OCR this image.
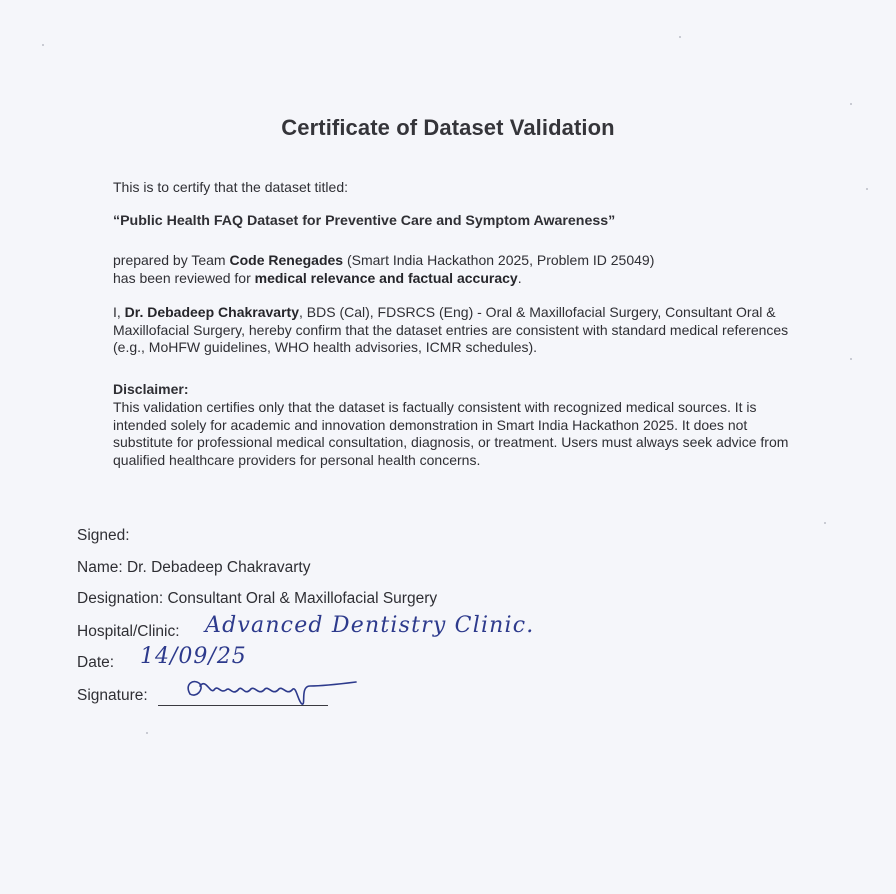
Certificate of Dataset Validation
This is to certify that the dataset titled:
“Public Health FAQ Dataset for Preventive Care and Symptom Awareness”
prepared by Team Code Renegades (Smart India Hackathon 2025, Problem ID 25049)
has been reviewed for medical relevance and factual accuracy.
I, Dr. Debadeep Chakravarty, BDS (Cal), FDSRCS (Eng) - Oral & Maxillofacial Surgery, Consultant Oral & Maxillofacial Surgery, hereby confirm that the dataset entries are consistent with standard medical references (e.g., MoHFW guidelines, WHO health advisories, ICMR schedules).
Disclaimer:
This validation certifies only that the dataset is factually consistent with recognized medical sources. It is intended solely for academic and innovation demonstration in Smart India Hackathon 2025. It does not substitute for professional medical consultation, diagnosis, or treatment. Users must always seek advice from qualified healthcare providers for personal health concerns.
Signed:
Name: Dr. Debadeep Chakravarty
Designation: Consultant Oral & Maxillofacial Surgery
Hospital/Clinic: Advanced Dentistry Clinic.
Date: 14/09/25
Signature:
